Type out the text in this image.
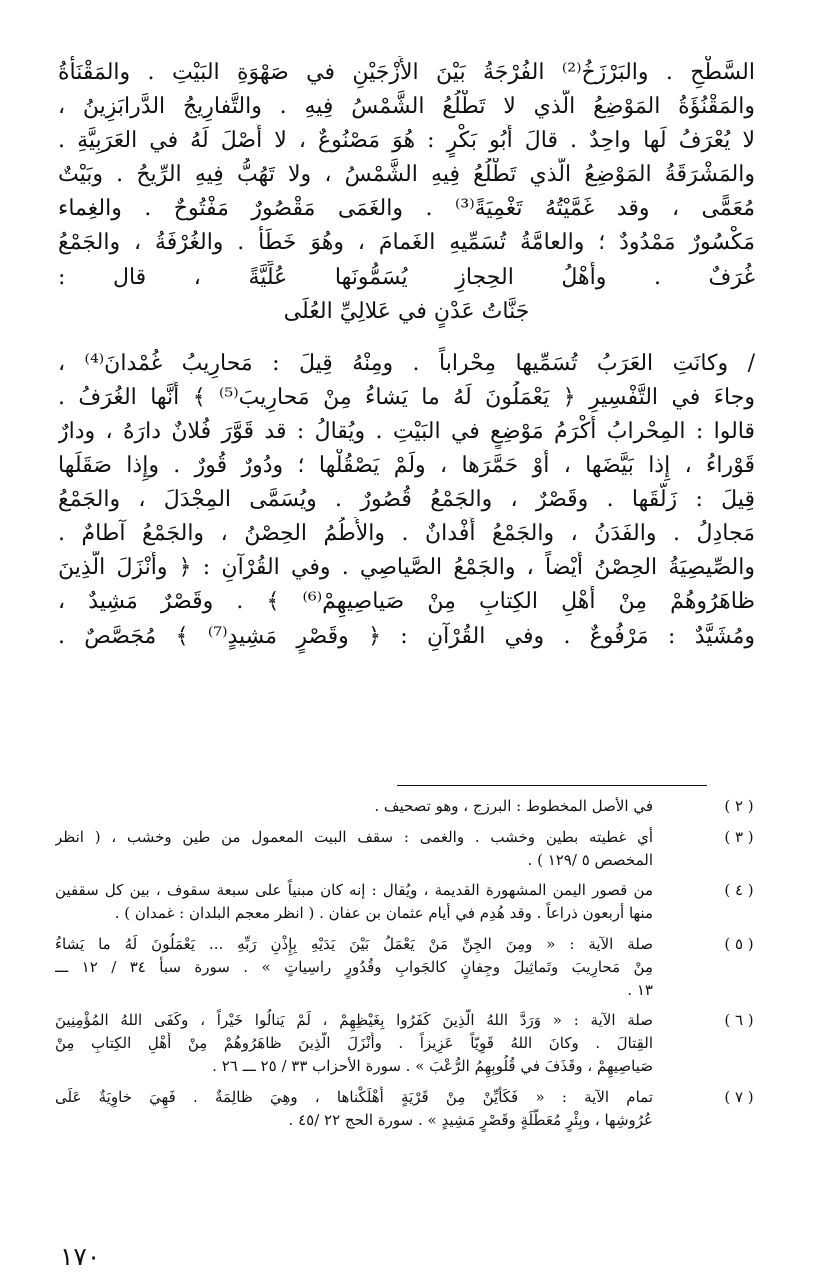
السَّطْحِ . والبَرْزَخُ⁽²⁾ الفُرْجَةُ بَيْنَ الأَزْجَيْنِ في صَهْوَةِ البَيْتِ . والمَقْنَأَةُ
والمَقْنُؤَةُ المَوْضِعُ الَّذي لا تَطْلُعُ الشَّمْسُ فِيهِ . والتَّفارِيجُ الدَّرابَزِينُ ،
لا يُعْرَفُ لَها واحِدٌ . قالَ أَبُو بَكْرٍ : هُوَ مَصْنُوعٌ ، لا أَصْلَ لَهُ في العَرَبِيَّةِ .
والمَشْرَقَةُ المَوْضِعُ الَّذي تَطْلُعُ فِيهِ الشَّمْسُ ، ولا تَهُبُّ فِيهِ الرِّيحُ . وبَيْتٌ
مُعَمًّى ، وقد غَمَّيْتُهُ تَغْمِيَةً⁽³⁾ . والغَمَى مَقْصُورٌ مَفْتُوحٌ . والغِماء
مَكْسُورٌ مَمْدُودٌ ؛ والعامَّةُ تُسَمِّيهِ الغَمامَ ، وهُوَ خَطَأٌ . والغُرْفَةُ ، والجَمْعُ
غُرَفٌ . وأَهْلُ الحِجازِ يُسَمُّونَها عُلِّيَّةً ، قال :
جَنَّاتُ عَدْنٍ في عَلالِيِّ العُلَى
/ وكانَتِ العَرَبُ تُسَمِّيها مِحْراباً . ومِنْهُ قِيلَ : مَحارِيبُ غُمْدانَ⁽⁴⁾ ،
وجاءَ في التَّفْسِيرِ ﴿ يَعْمَلُونَ لَهُ ما يَشاءُ مِنْ مَحارِيبَ⁽⁵⁾ ﴾ أَنَّها الغُرَفُ .
قالوا : المِحْرابُ أَكْرَمُ مَوْضِعٍ في البَيْتِ . ويُقالُ : قد قَوَّرَ فُلانٌ دارَهُ ، ودارٌ
قَوْراءُ ، إِذا بَيَّضَها ، أَوْ حَمَّرَها ، ولَمْ يَصْقُلْها ؛ ودُورٌ قُورٌ . وإِذا صَقَلَها
قِيلَ : زَلَّقَها . وقَصْرٌ ، والجَمْعُ قُصُورٌ . ويُسَمَّى المِجْدَلَ ، والجَمْعُ
مَجادِلُ . والفَدَنُ ، والجَمْعُ أَفْدانٌ . والأُطُمُ الحِصْنُ ، والجَمْعُ آطامٌ .
والصِّيصِيَةُ الحِصْنُ أَيْضاً ، والجَمْعُ الصَّياصِي . وفي القُرْآنِ : ﴿ وأَنْزَلَ الَّذِينَ
ظاهَرُوهُمْ مِنْ أَهْلِ الكِتابِ مِنْ صَياصِيهِمْ⁽⁶⁾ ﴾ . وقَصْرٌ مَشِيدٌ ،
ومُشَيَّدٌ : مَرْفُوعٌ . وفي القُرْآنِ : ﴿ وقَصْرٍ مَشِيدٍ⁽⁷⁾ ﴾ مُجَصَّصٌ .
( ٢ )
في الأصل المخطوط : البرزج ، وهو تصحيف .
( ٣ )
أي غطيته بطين وخشب . والغمى : سقف البيت المعمول من طين وخشب ، ( انظر
المخصص ٥ /١٢٩ ) .
( ٤ )
من قصور اليمن المشهورة القديمة ، ويُقال : إنه كان مبنياً على سبعة سقوف ، بين كل سقفين
منها أربعون ذراعاً . وقد هُدِم في أيام عثمان بن عفان . ( انظر معجم البلدان : غمدان ) .
( ٥ )
صلة الآية : « ومِنَ الجِنِّ مَنْ يَعْمَلُ بَيْنَ يَدَيْهِ بِإِذْنِ رَبِّهِ ... يَعْمَلُونَ لَهُ ما يَشاءُ
مِنْ مَحارِيبَ وتَماثِيلَ وجِفانٍ كالجَوابِ وقُدُورٍ راسِياتٍ » . سورة سبأ ٣٤ / ١٢ ـــ
١٣ .
( ٦ )
صلة الآية : « وَرَدَّ اللهُ الَّذِينَ كَفَرُوا بِغَيْظِهِمْ ، لَمْ يَنالُوا خَيْراً ، وكَفَى اللهُ المُؤْمِنِينَ
القِتالَ . وكانَ اللهُ قَوِيّاً عَزِيزاً . وأَنْزَلَ الَّذِينَ ظاهَرُوهُمْ مِنْ أَهْلِ الكِتابِ مِنْ
صَياصِيهِمْ ، وقَذَفَ في قُلُوبِهِمُ الرُّعْبَ » . سورة الأحزاب ٣٣ / ٢٥ ـــ ٢٦ .
( ٧ )
تمام الآية : « فَكَأَيِّنْ مِنْ قَرْيَةٍ أَهْلَكْناها ، وهِيَ ظالِمَةٌ . فَهِيَ خاوِيَةٌ عَلَى
عُرُوشِها ، وبِئْرٍ مُعَطَّلَةٍ وقَصْرٍ مَشِيدٍ » . سورة الحج ٢٢ /٤٥ .
١٧٠
